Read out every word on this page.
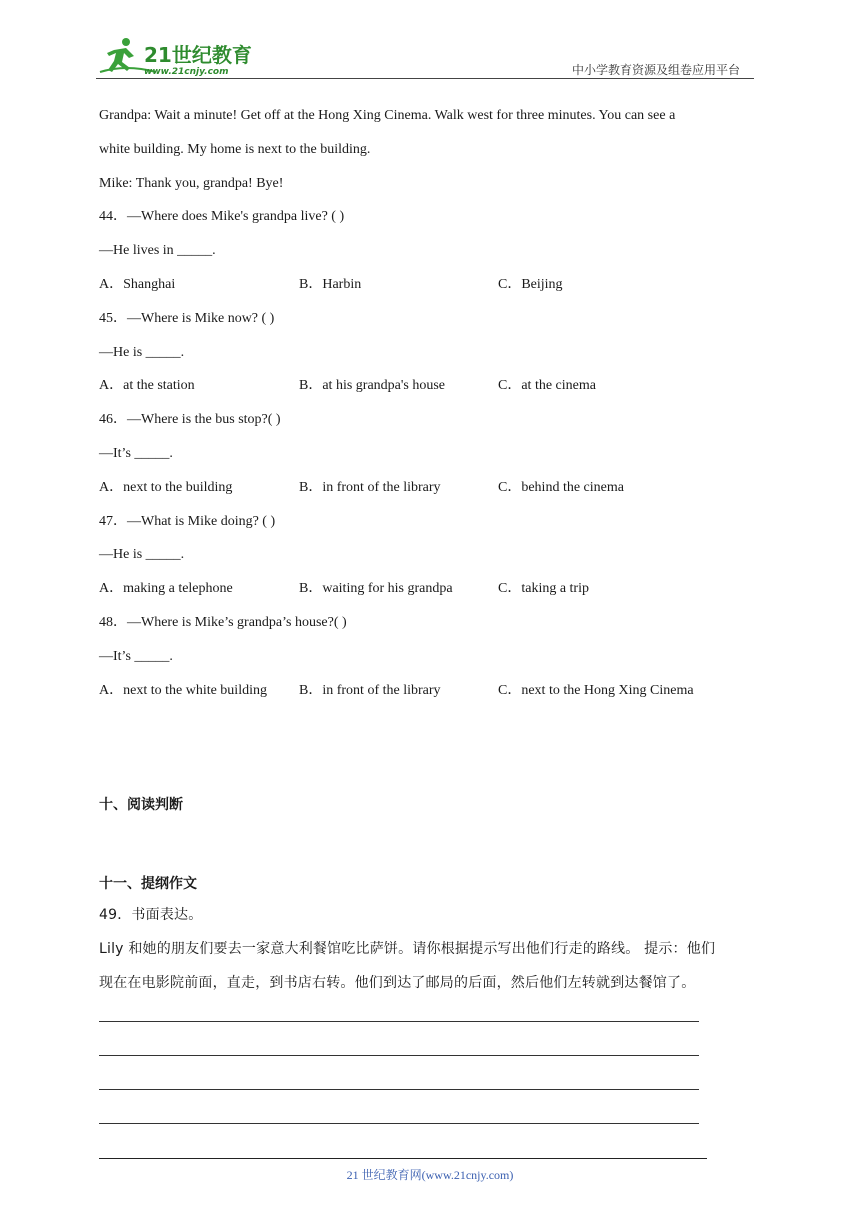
21世纪教育
www.21cnjy.com	中小学教育资源及组卷应用平台
Grandpa: Wait a minute! Get off at the Hong Xing Cinema. Walk west for three minutes. You can see a
white building. My home is next to the building.
Mike: Thank you, grandpa! Bye!
44．—Where does Mike's grandpa live? ( )
—He lives in _____.
A．Shanghai	B．Harbin	C．Beijing
45．—Where is Mike now? ( )
—He is _____.
A．at the station	B．at his grandpa's house	C．at the cinema
46．—Where is the bus stop?( )
—It’s _____.
A．next to the building	B．in front of the library	C．behind the cinema
47．—What is Mike doing? ( )
—He is _____.
A．making a telephone	B．waiting for his grandpa	C．taking a trip
48．—Where is Mike’s grandpa’s house?( )
—It’s _____.
A．next to the white building B．in front of the library	C．next to the Hong Xing Cinema
十、阅读判断
十一、提纲作文
49．书面表达。
Lily 和她的朋友们要去一家意大利餐馆吃比萨饼。请你根据提示写出他们行走的路线。 提示：他们
现在在电影院前面，直走，到书店右转。他们到达了邮局的后面，然后他们左转就到达餐馆了。
21 世纪教育网(www.21cnjy.com)
